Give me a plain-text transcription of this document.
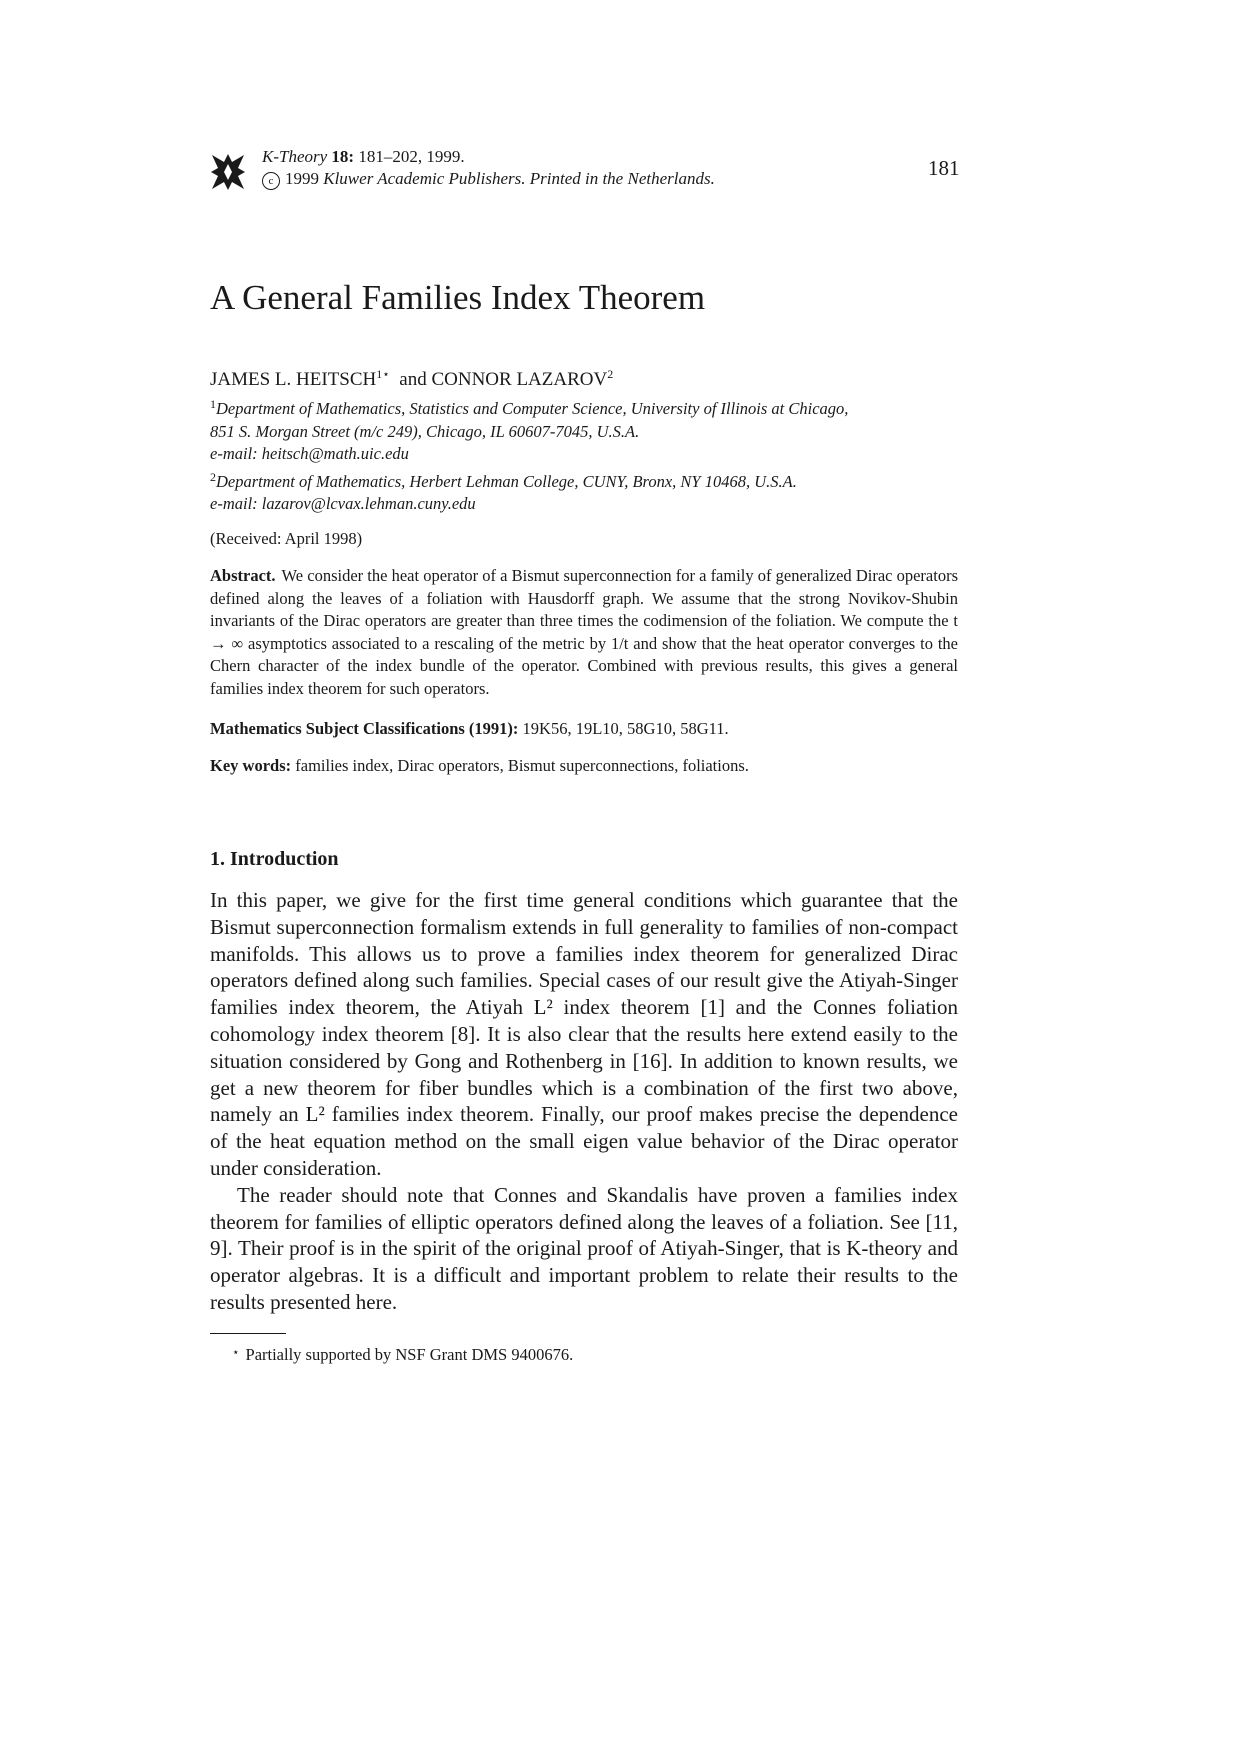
K-Theory 18: 181–202, 1999.
c 1999 Kluwer Academic Publishers. Printed in the Netherlands.	181
A General Families Index Theorem
JAMES L. $HEITSCH^{1⋆}$ and CONNOR LAZAROV$^2$
$^1$Department of Mathematics, Statistics and Computer Science, University of Illinois at Chicago,
851 S. Morgan Street (m/c 249), Chicago, IL 60607-7045, U.S.A.
e-mail: heitsch@math.uic.edu
$^2$Department of Mathematics, Herbert Lehman College, CUNY, Bronx, NY 10468, U.S.A.
e-mail: lazarov@lcvax.lehman.cuny.edu
(Received: April 1998)
Abstract. We consider the heat operator of a Bismut superconnection for a family of generalized Dirac operators defined along the leaves of a foliation with Hausdorff graph. We assume that the strong Novikov-Shubin invariants of the Dirac operators are greater than three times the codimension of the foliation. We compute the t → ∞ asymptotics associated to a rescaling of the metric by 1/t and show that the heat operator converges to the Chern character of the index bundle of the operator. Combined with previous results, this gives a general families index theorem for such operators.
Mathematics Subject Classifications (1991): 19K56, 19L10, 58G10, 58G11.
Key words: families index, Dirac operators, Bismut superconnections, foliations.
1. Introduction

In this paper, we give for the first time general conditions which guarantee that the Bismut superconnection formalism extends in full generality to families of non-compact manifolds. This allows us to prove a families index theorem for generalized Dirac operators defined along such families. Special cases of our result give the Atiyah-Singer families index theorem, the Atiyah L² index theorem [1] and the Connes foliation cohomology index theorem [8]. It is also clear that the results here extend easily to the situation considered by Gong and Rothenberg in [16]. In addition to known results, we get a new theorem for fiber bundles which is a combination of the first two above, namely an L² families index theorem. Finally, our proof makes precise the dependence of the heat equation method on the small eigen value behavior of the Dirac operator under consideration.

The reader should note that Connes and Skandalis have proven a families index theorem for families of elliptic operators defined along the leaves of a foliation. See [11, 9]. Their proof is in the spirit of the original proof of Atiyah-Singer, that is K-theory and operator algebras. It is a difficult and important problem to relate their results to the results presented here.

⋆ Partially supported by NSF Grant DMS 9400676.
